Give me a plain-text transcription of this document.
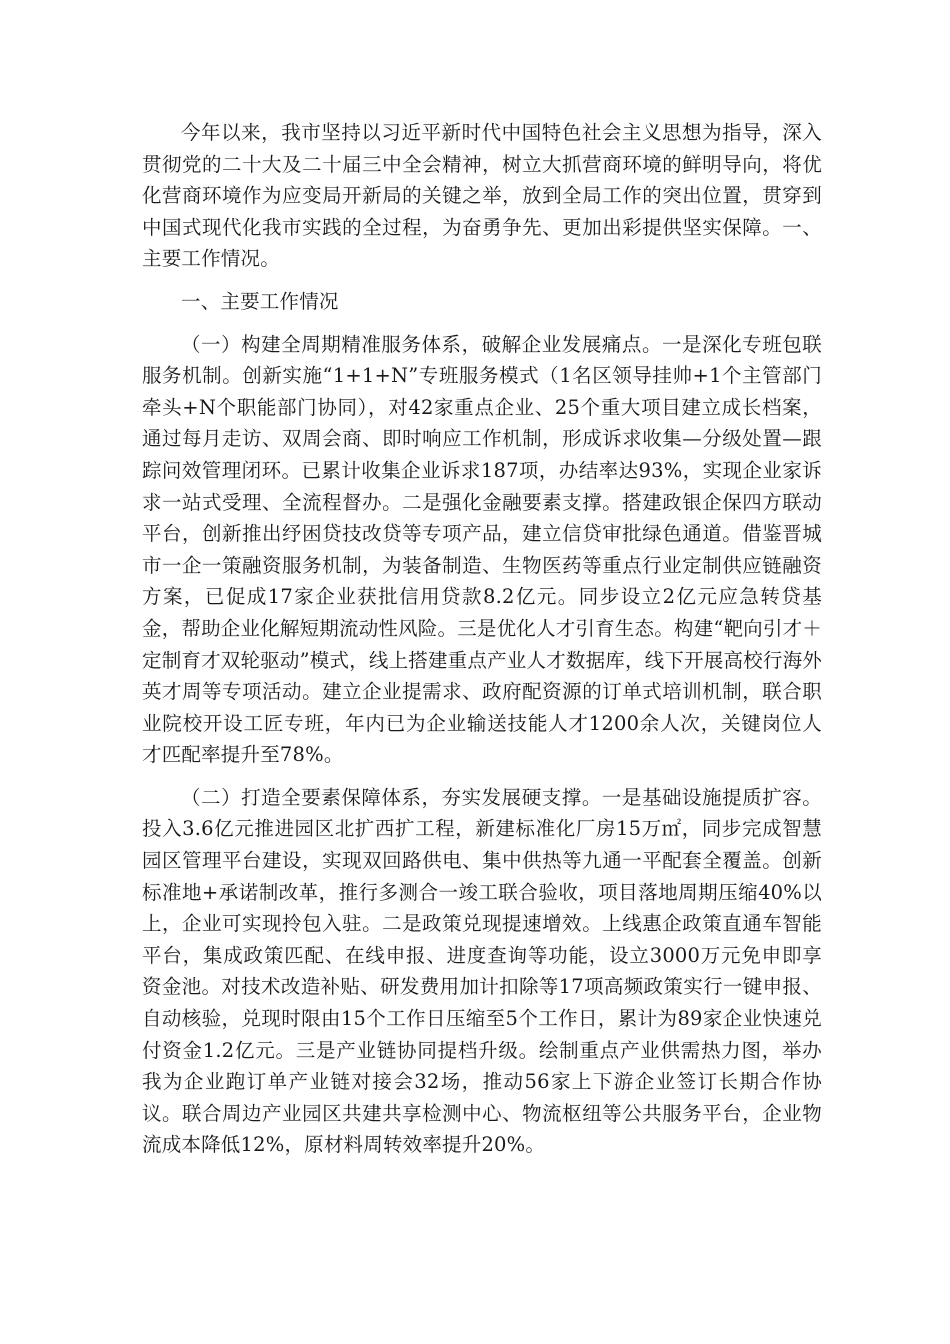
今年以来，我市坚持以习近平新时代中国特色社会主义思想为指导，深入贯彻党的二十大及二十届三中全会精神，树立大抓营商环境的鲜明导向，将优化营商环境作为应变局开新局的关键之举，放到全局工作的突出位置，贯穿到中国式现代化我市实践的全过程，为奋勇争先、更加出彩提供坚实保障。一、主要工作情况。

一、主要工作情况

（一）构建全周期精准服务体系，破解企业发展痛点。一是深化专班包联服务机制。创新实施“1+1+N”专班服务模式（1名区领导挂帅+1个主管部门牵头+N个职能部门协同），对42家重点企业、25个重大项目建立成长档案，通过每月走访、双周会商、即时响应工作机制，形成诉求收集—分级处置—跟踪问效管理闭环。已累计收集企业诉求187项，办结率达93%，实现企业家诉求一站式受理、全流程督办。二是强化金融要素支撑。搭建政银企保四方联动平台，创新推出纾困贷技改贷等专项产品，建立信贷审批绿色通道。借鉴晋城市一企一策融资服务机制，为装备制造、生物医药等重点行业定制供应链融资方案，已促成17家企业获批信用贷款8.2亿元。同步设立2亿元应急转贷基金，帮助企业化解短期流动性风险。三是优化人才引育生态。构建“靶向引才＋定制育才双轮驱动”模式，线上搭建重点产业人才数据库，线下开展高校行海外英才周等专项活动。建立企业提需求、政府配资源的订单式培训机制，联合职业院校开设工匠专班，年内已为企业输送技能人才1200余人次，关键岗位人才匹配率提升至78%。

（二）打造全要素保障体系，夯实发展硬支撑。一是基础设施提质扩容。投入3.6亿元推进园区北扩西扩工程，新建标准化厂房15万㎡，同步完成智慧园区管理平台建设，实现双回路供电、集中供热等九通一平配套全覆盖。创新标准地+承诺制改革，推行多测合一竣工联合验收，项目落地周期压缩40%以上，企业可实现拎包入驻。二是政策兑现提速增效。上线惠企政策直通车智能平台，集成政策匹配、在线申报、进度查询等功能，设立3000万元免申即享资金池。对技术改造补贴、研发费用加计扣除等17项高频政策实行一键申报、自动核验，兑现时限由15个工作日压缩至5个工作日，累计为89家企业快速兑付资金1.2亿元。三是产业链协同提档升级。绘制重点产业供需热力图，举办我为企业跑订单产业链对接会32场，推动56家上下游企业签订长期合作协议。联合周边产业园区共建共享检测中心、物流枢纽等公共服务平台，企业物流成本降低12%，原材料周转效率提升20%。
